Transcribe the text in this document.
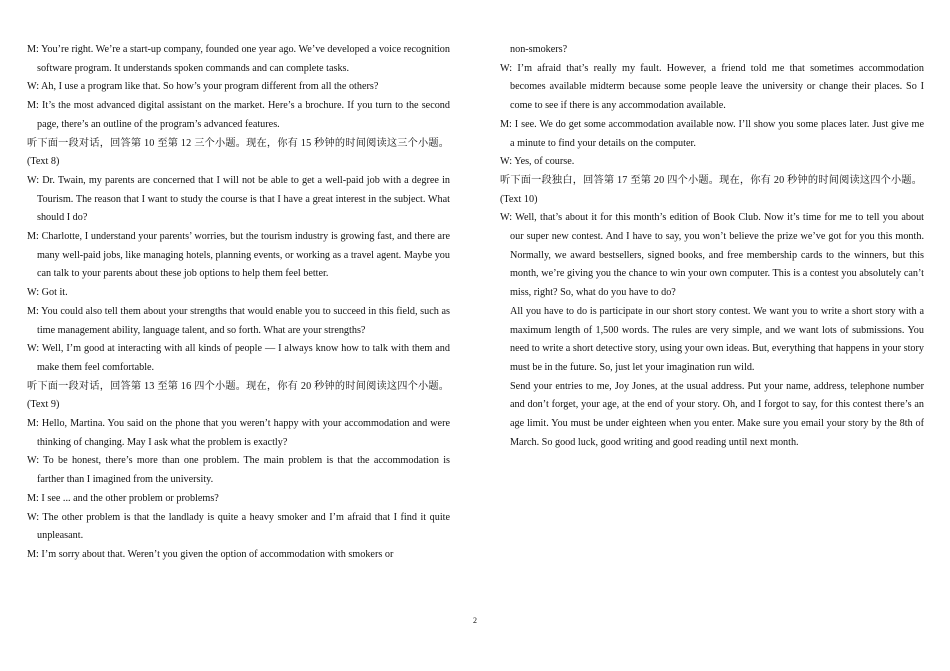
M: You’re right. We’re a start-up company, founded one year ago. We’ve developed a voice recognition software program. It understands spoken commands and can complete tasks.

W: Ah, I use a program like that. So how’s your program different from all the others?

M: It’s the most advanced digital assistant on the market. Here’s a brochure. If you turn to the second page, there’s an outline of the program’s advanced features.

听下面一段对话，回答第 10 至第 12 三个小题。现在，你有 15 秒钟的时间阅读这三个小题。

(Text 8)

W: Dr. Twain, my parents are concerned that I will not be able to get a well-paid job with a degree in Tourism. The reason that I want to study the course is that I have a great interest in the subject. What should I do?

M: Charlotte, I understand your parents’ worries, but the tourism industry is growing fast, and there are many well-paid jobs, like managing hotels, planning events, or working as a travel agent. Maybe you can talk to your parents about these job options to help them feel better.

W: Got it.

M: You could also tell them about your strengths that would enable you to succeed in this field, such as time management ability, language talent, and so forth. What are your strengths?

W: Well, I’m good at interacting with all kinds of people — I always know how to talk with them and make them feel comfortable.

听下面一段对话，回答第 13 至第 16 四个小题。现在，你有 20 秒钟的时间阅读这四个小题。

(Text 9)

M: Hello, Martina. You said on the phone that you weren’t happy with your accommodation and were thinking of changing. May I ask what the problem is exactly?

W: To be honest, there’s more than one problem. The main problem is that the accommodation is farther than I imagined from the university.

M: I see ... and the other problem or problems?

W: The other problem is that the landlady is quite a heavy smoker and I’m afraid that I find it quite unpleasant.

M: I’m sorry about that. Weren’t you given the option of accommodation with smokers or

non-smokers?

W: I’m afraid that’s really my fault. However, a friend told me that sometimes accommodation becomes available midterm because some people leave the university or change their places. So I come to see if there is any accommodation available.

M: I see. We do get some accommodation available now. I’ll show you some places later. Just give me a minute to find your details on the computer.

W: Yes, of course.

听下面一段独白，回答第 17 至第 20 四个小题。现在，你有 20 秒钟的时间阅读这四个小题。

(Text 10)

W: Well, that’s about it for this month’s edition of Book Club. Now it’s time for me to tell you about our super new contest. And I have to say, you won’t believe the prize we’ve got for you this month. Normally, we award bestsellers, signed books, and free membership cards to the winners, but this month, we’re giving you the chance to win your own computer. This is a contest you absolutely can’t miss, right? So, what do you have to do?

All you have to do is participate in our short story contest. We want you to write a short story with a maximum length of 1,500 words. The rules are very simple, and we want lots of submissions. You need to write a short detective story, using your own ideas. But, everything that happens in your story must be in the future. So, just let your imagination run wild.

Send your entries to me, Joy Jones, at the usual address. Put your name, address, telephone number and don’t forget, your age, at the end of your story. Oh, and I forgot to say, for this contest there’s an age limit. You must be under eighteen when you enter. Make sure you email your story by the 8th of March. So good luck, good writing and good reading until next month.

2
